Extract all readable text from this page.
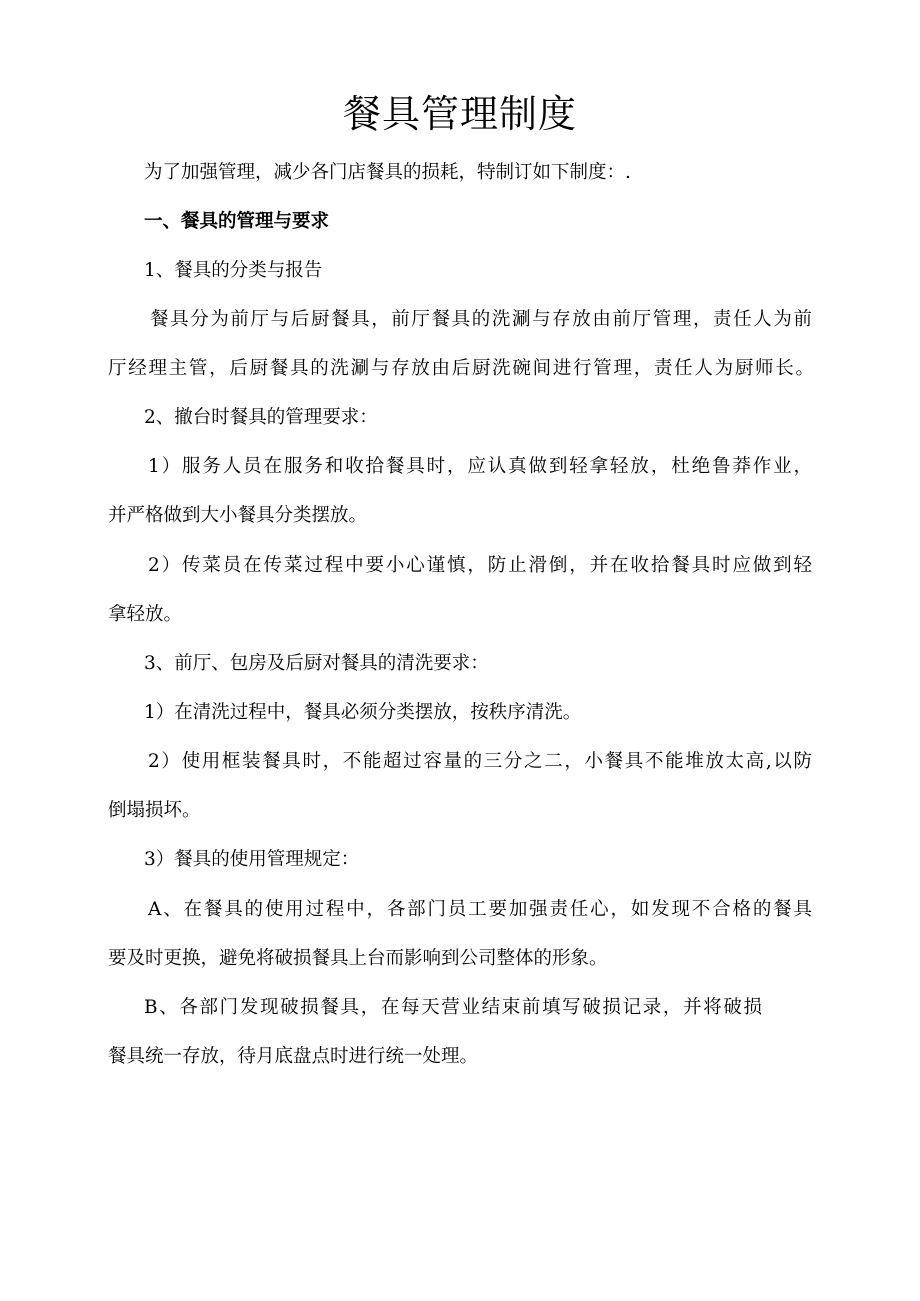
餐具管理制度
为了加强管理，减少各门店餐具的损耗，特制订如下制度：.
一、餐具的管理与要求
1、餐具的分类与报告
餐具分为前厅与后厨餐具，前厅餐具的洗涮与存放由前厅管理，责任人为前
厅经理主管，后厨餐具的洗涮与存放由后厨洗碗间进行管理，责任人为厨师长。
2、撤台时餐具的管理要求：
1）服务人员在服务和收拾餐具时，应认真做到轻拿轻放，杜绝鲁莽作业，
并严格做到大小餐具分类摆放。
2）传菜员在传菜过程中要小心谨慎，防止滑倒，并在收拾餐具时应做到轻
拿轻放。
3、前厅、包房及后厨对餐具的清洗要求：
1）在清洗过程中，餐具必须分类摆放，按秩序清洗。
2）使用框装餐具时，不能超过容量的三分之二，小餐具不能堆放太高,以防
倒塌损坏。
3）餐具的使用管理规定：
A、在餐具的使用过程中，各部门员工要加强责任心，如发现不合格的餐具
要及时更换，避免将破损餐具上台而影响到公司整体的形象。
B、各部门发现破损餐具，在每天营业结束前填写破损记录，并将破损
餐具统一存放，待月底盘点时进行统一处理。
